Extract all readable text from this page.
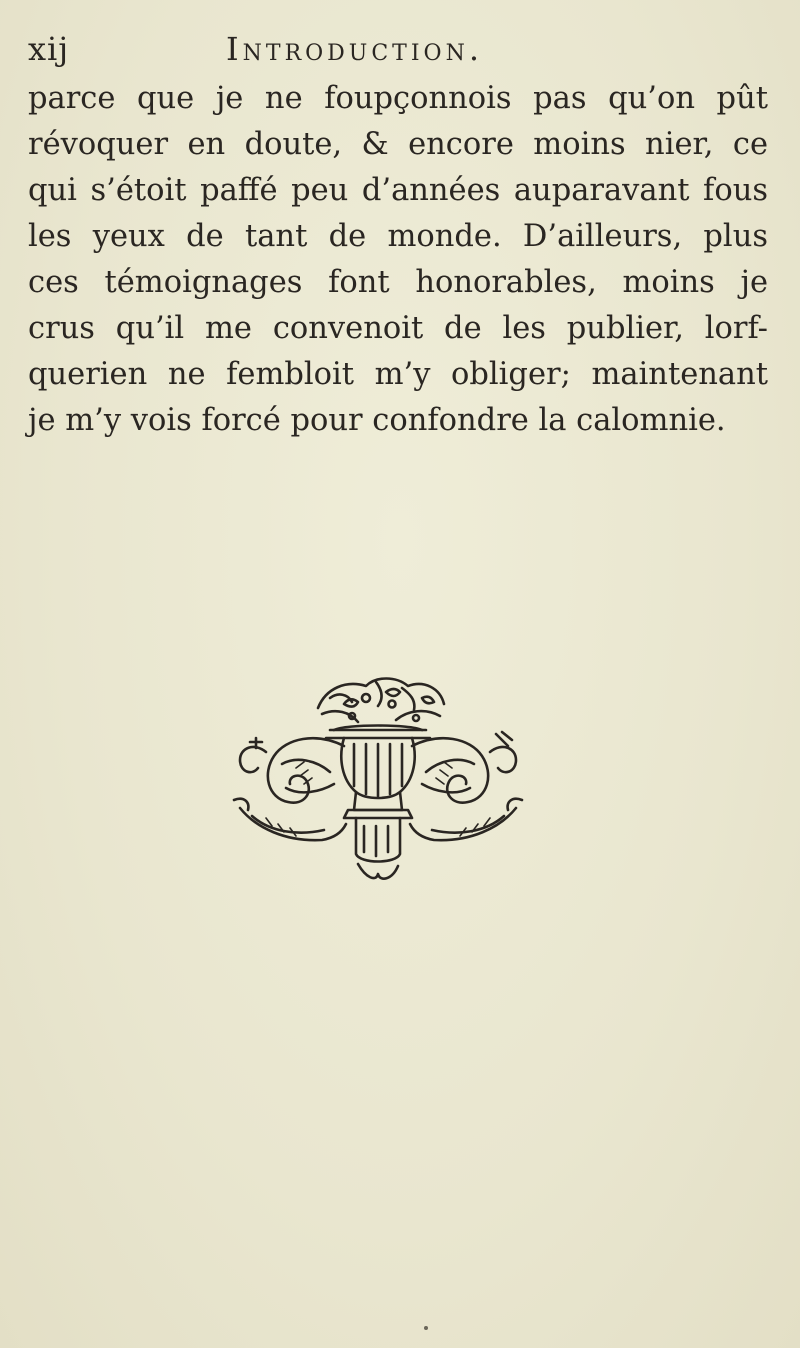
xij	Introduction.
parce que je ne foupçonnois pas qu’on pût
révoquer en doute, & encore moins nier, ce
qui s’étoit paffé peu d’années auparavant fous
les yeux de tant de monde. D’ailleurs, plus
ces témoignages font honorables, moins je
crus qu’il me convenoit de les publier, lorf-
querien ne fembloit m’y obliger; maintenant
je m’y vois forcé pour confondre la calomnie.
